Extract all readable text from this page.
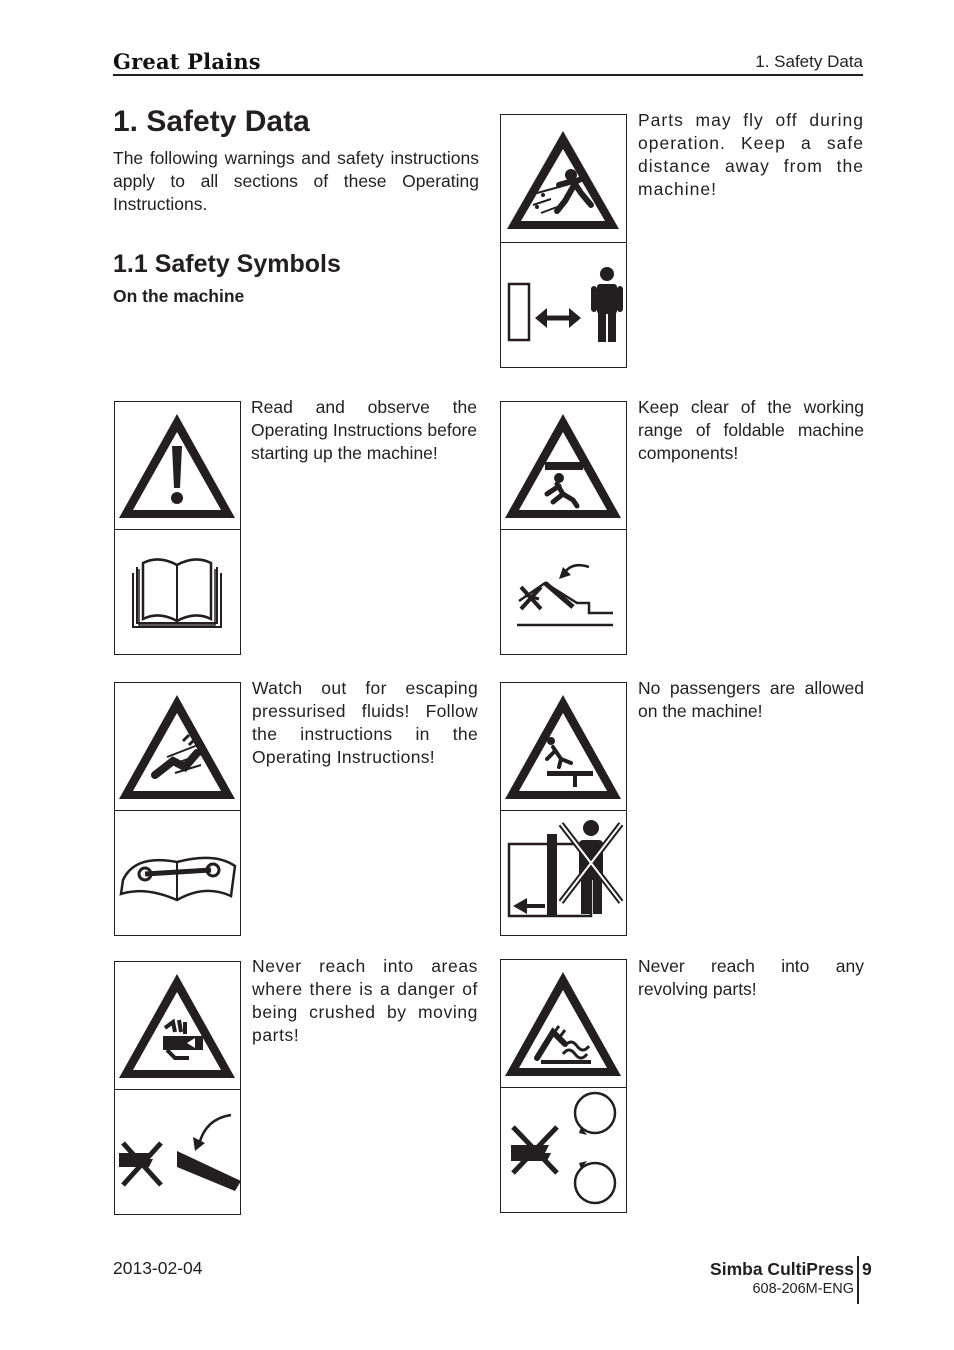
Great Plains	1. Safety Data
1. Safety Data

The following warnings and safety instructions apply to all sections of these Operating Instructions.

1.1 Safety Symbols
On the machine

Parts may fly off during operation. Keep a safe distance away from the machine!

Read and observe the Operating Instructions before starting up the machine!

Keep clear of the working range of foldable machine components!

Watch out for escaping pressurised fluids! Follow the instructions in the Operating Instructions!

No passengers are allowed on the machine!

Never reach into areas where there is a danger of being crushed by moving parts!

Never reach into any revolving parts!

2013-02-04	Simba CultiPress
608-206M-ENG
9
